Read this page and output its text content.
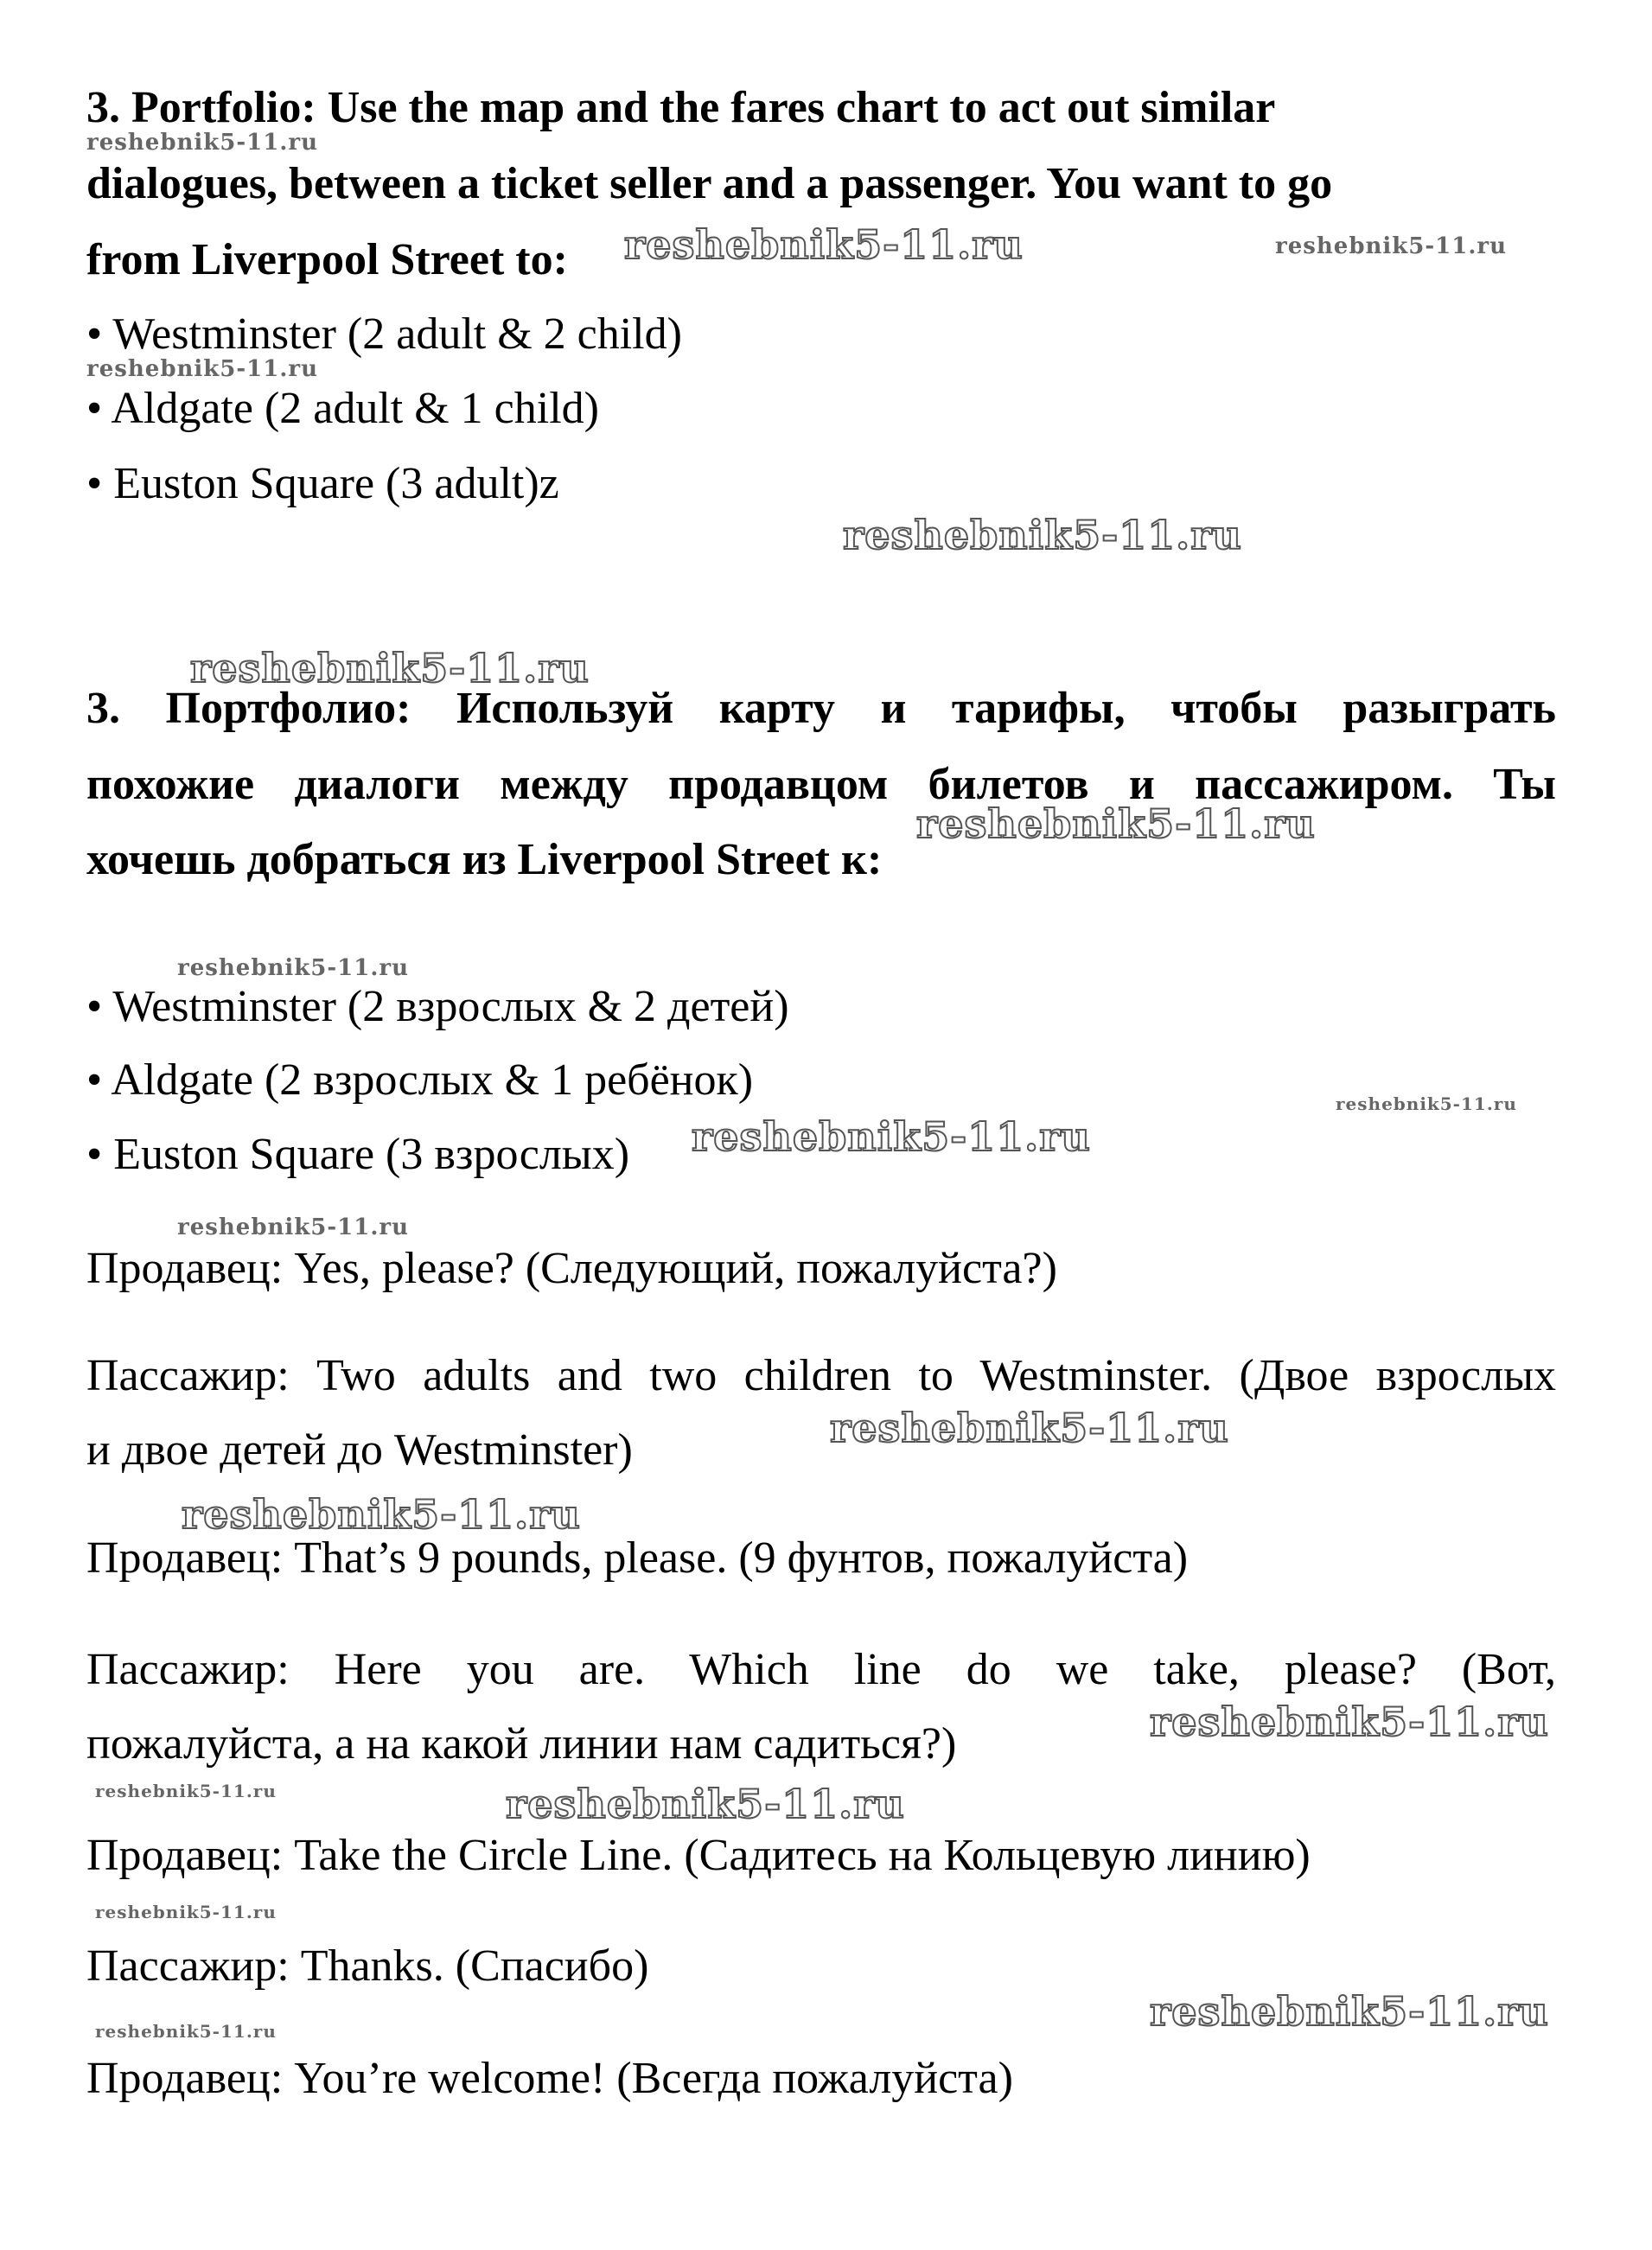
3. Portfolio: Use the map and the fares chart to act out similar
dialogues, between a ticket seller and a passenger. You want to go
from Liverpool Street to:
• Westminster (2 adult & 2 child)
• Aldgate (2 adult & 1 child)
• Euston Square (3 adult)z
3. Портфолио: Используй карту и тарифы, чтобы разыграть
похожие диалоги между продавцом билетов и пассажиром. Ты
хочешь добраться из Liverpool Street к:
• Westminster (2 взрослых & 2 детей)
• Aldgate (2 взрослых & 1 ребёнок)
• Euston Square (3 взрослых)
Продавец: Yes, please? (Следующий, пожалуйста?)
Пассажир: Two adults and two children to Westminster. (Двое взрослых
и двое детей до Westminster)
Продавец: That’s 9 pounds, please. (9 фунтов, пожалуйста)
Пассажир: Here you are. Which line do we take, please? (Вот,
пожалуйста, а на какой линии нам садиться?)
Продавец: Take the Circle Line. (Садитесь на Кольцевую линию)
Пассажир: Thanks. (Спасибо)
Продавец: You’re welcome! (Всегда пожалуйста)
reshebnik5-11.ru
reshebnik5-11.ru	reshebnik5-11.ru
reshebnik5-11.ru
reshebnik5-11.ru
reshebnik5-11.ru
reshebnik5-11.ru
reshebnik5-11.ru
reshebnik5-11.ru
reshebnik5-11.ru
reshebnik5-11.ru
reshebnik5-11.ru
reshebnik5-11.ru
reshebnik5-11.ru
reshebnik5-11.ru	reshebnik5-11.ru
reshebnik5-11.ru
reshebnik5-11.ru
reshebnik5-11.ru
